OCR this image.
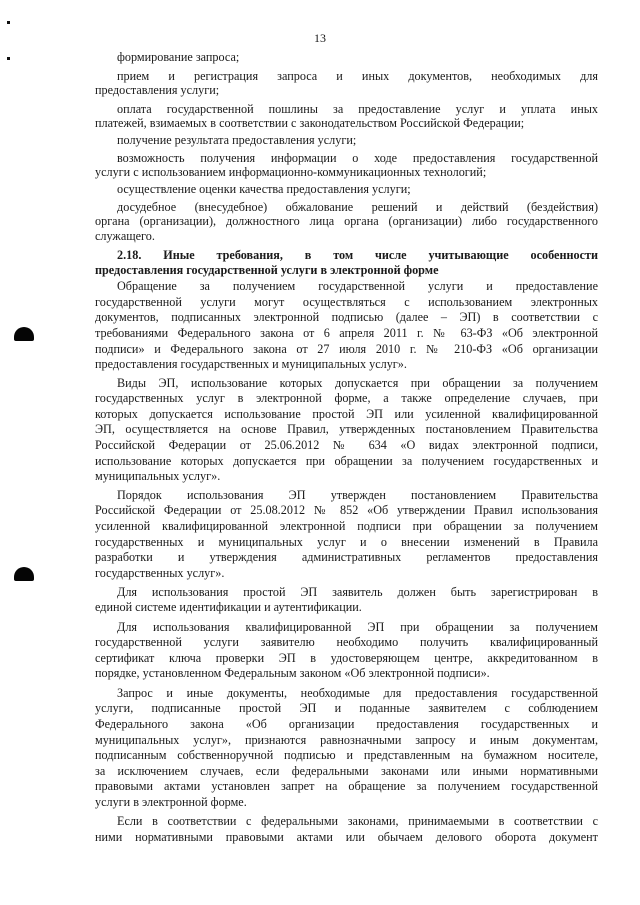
13
формирование запроса;
прием и регистрация запроса и иных документов, необходимых для
предоставления услуги;
оплата государственной пошлины за предоставление услуг и уплата иных
платежей, взимаемых в соответствии с законодательством Российской Федерации;
получение результата предоставления услуги;
возможность получения информации о ходе предоставления государственной
услуги с использованием информационно-коммуникационных технологий;
осуществление оценки качества предоставления услуги;
досудебное (внесудебное) обжалование решений и действий (бездействия)
органа (организации), должностного лица органа (организации) либо государственного
служащего.
2.18. Иные требования, в том числе учитывающие особенности
предоставления государственной услуги в электронной форме
Обращение за получением государственной услуги и предоставление
государственной услуги могут осуществляться с использованием электронных
документов, подписанных электронной подписью (далее – ЭП) в соответствии с
требованиями Федерального закона от 6 апреля 2011 г. № 63-ФЗ «Об электронной
подписи» и Федерального закона от 27 июля 2010 г. № 210-ФЗ «Об организации
предоставления государственных и муниципальных услуг».
Виды ЭП, использование которых допускается при обращении за получением
государственных услуг в электронной форме, а также определение случаев, при
которых допускается использование простой ЭП или усиленной квалифицированной
ЭП, осуществляется на основе Правил, утвержденных постановлением Правительства
Российской Федерации от 25.06.2012 № 634 «О видах электронной подписи,
использование которых допускается при обращении за получением государственных и
муниципальных услуг».
Порядок использования ЭП утвержден постановлением Правительства
Российской Федерации от 25.08.2012 № 852 «Об утверждении Правил использования
усиленной квалифицированной электронной подписи при обращении за получением
государственных и муниципальных услуг и о внесении изменений в Правила
разработки и утверждения административных регламентов предоставления
государственных услуг».
Для использования простой ЭП заявитель должен быть зарегистрирован в
единой системе идентификации и аутентификации.
Для использования квалифицированной ЭП при обращении за получением
государственной услуги заявителю необходимо получить квалифицированный
сертификат ключа проверки ЭП в удостоверяющем центре, аккредитованном в
порядке, установленном Федеральным законом «Об электронной подписи».
Запрос и иные документы, необходимые для предоставления государственной
услуги, подписанные простой ЭП и поданные заявителем с соблюдением
Федерального закона «Об организации предоставления государственных и
муниципальных услуг», признаются равнозначными запросу и иным документам,
подписанным собственноручной подписью и представленным на бумажном носителе,
за исключением случаев, если федеральными законами или иными нормативными
правовыми актами установлен запрет на обращение за получением государственной
услуги в электронной форме.
Если в соответствии с федеральными законами, принимаемыми в соответствии с
ними нормативными правовыми актами или обычаем делового оборота документ
